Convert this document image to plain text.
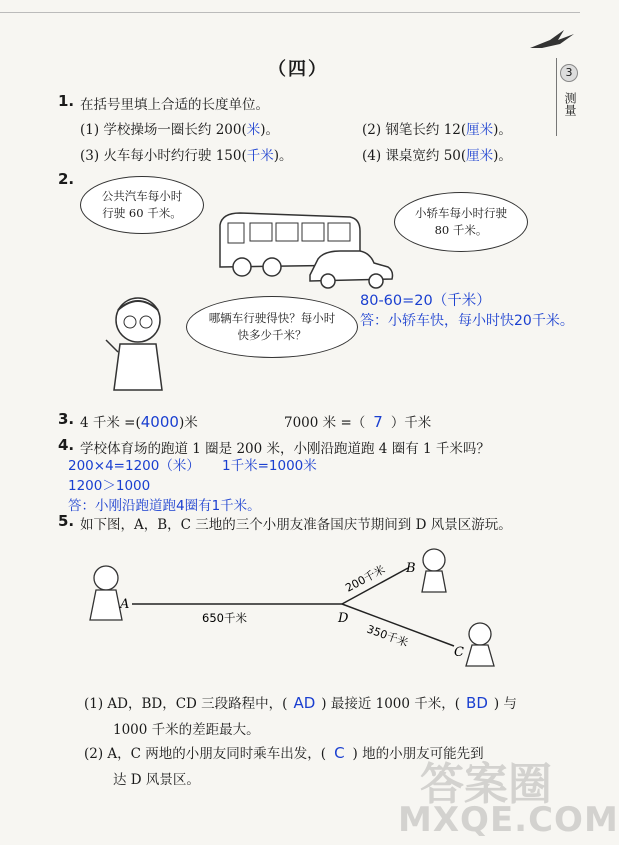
3
测量
（四）
1. 在括号里填上合适的长度单位。
(1) 学校操场一圈长约 200(米)。	(2) 钢笔长约 12(厘米)。
(3) 火车每小时约行驶 150(千米)。	(4) 课桌宽约 50(厘米)。
2.
公共汽车每小时行驶 60 千米。	小轿车每小时行驶 80 千米。
哪辆车行驶得快？每小时快多少千米？
80-60=20（千米）
答：小轿车快，每小时快20千米。
3. 4 千米 =(4000)米	7000 米 =（ 7 ）千米
4. 学校体育场的跑道 1 圈是 200 米，小刚沿跑道跑 4 圈有 1 千米吗？
200×4=1200（米） 1千米=1000米
1200＞1000
答：小刚沿跑道跑4圈有1千米。
5. 如下图，A，B，C 三地的三个小朋友准备国庆节期间到 D 风景区游玩。
A
B
C
D
650千米
200千米
350千米
(1) AD，BD，CD 三段路程中，( AD ) 最接近 1000 千米，( BD ) 与
1000 千米的差距最大。
(2) A，C 两地的小朋友同时乘车出发，( C ) 地的小朋友可能先到
达 D 风景区。	答案圈
MXQE.COM
